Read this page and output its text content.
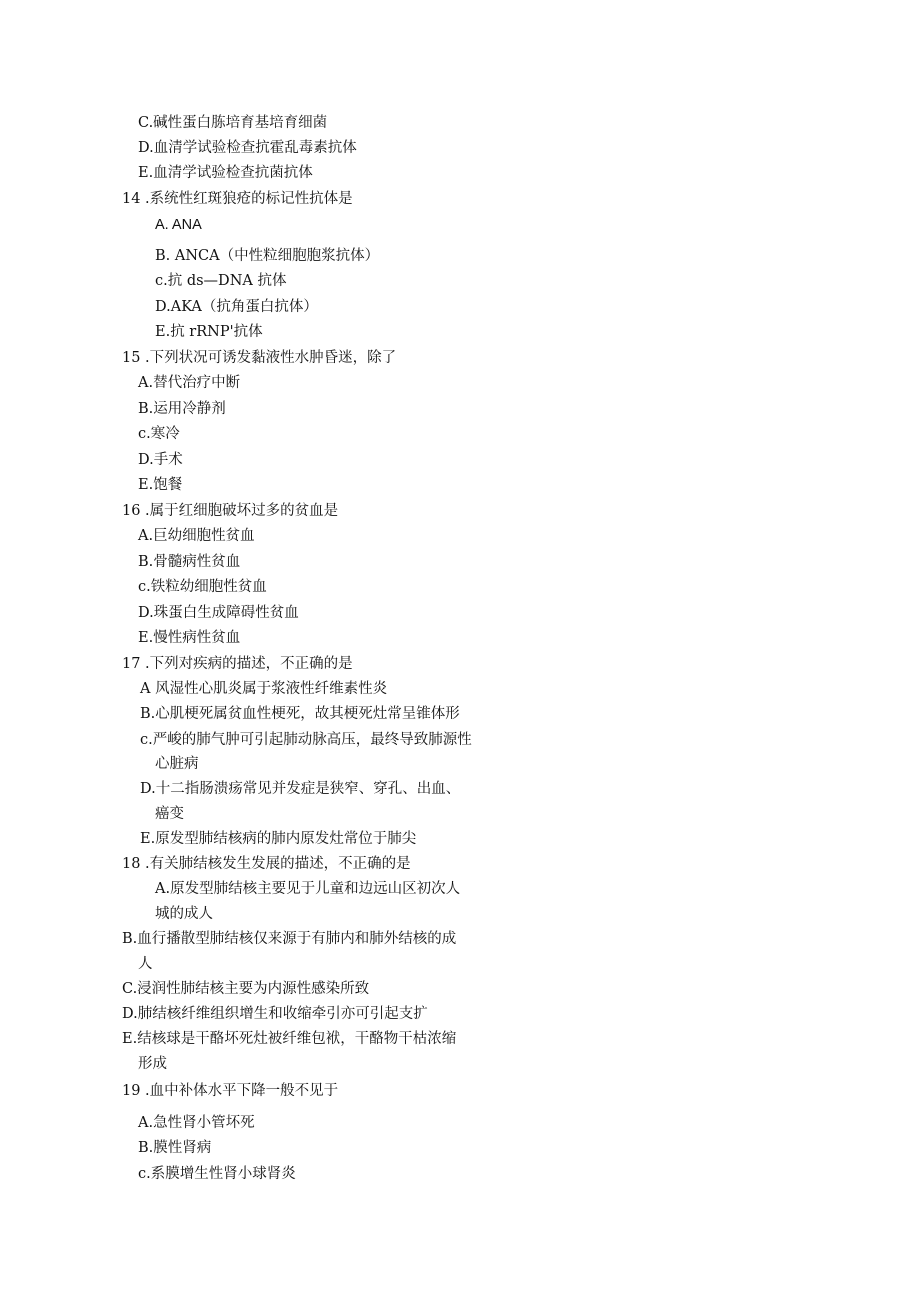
C.碱性蛋白胨培育基培育细菌
D.血清学试验检查抗霍乱毒素抗体
E.血清学试验检查抗菌抗体
14 .系统性红斑狼疮的标记性抗体是
A. ANA
B. ANCA（中性粒细胞胞浆抗体）
c.抗 ds—DNA 抗体
D.AKA（抗角蛋白抗体）
E.抗 rRNP'抗体
15 .下列状况可诱发黏液性水肿昏迷，除了
A.替代治疗中断
B.运用冷静剂
c.寒冷
D.手术
E.饱餐
16 .属于红细胞破坏过多的贫血是
A.巨幼细胞性贫血
B.骨髓病性贫血
c.铁粒幼细胞性贫血
D.珠蛋白生成障碍性贫血
E.慢性病性贫血
17 .下列对疾病的描述，不正确的是
A 风湿性心肌炎属于浆液性纤维素性炎
B.心肌梗死属贫血性梗死，故其梗死灶常呈锥体形
c.严峻的肺气肿可引起肺动脉高压，最终导致肺源性
心脏病
D.十二指肠溃疡常见并发症是狭窄、穿孔、出血、
癌变
E.原发型肺结核病的肺内原发灶常位于肺尖
18 .有关肺结核发生发展的描述，不正确的是
A.原发型肺结核主要见于儿童和边远山区初次人
城的成人
B.血行播散型肺结核仅来源于有肺内和肺外结核的成
人
C.浸润性肺结核主要为内源性感染所致
D.肺结核纤维组织增生和收缩牵引亦可引起支扩
E.结核球是干酪坏死灶被纤维包袱，干酪物干枯浓缩
形成
19 .血中补体水平下降一般不见于
A.急性肾小管坏死
B.膜性肾病
c.系膜增生性肾小球肾炎
